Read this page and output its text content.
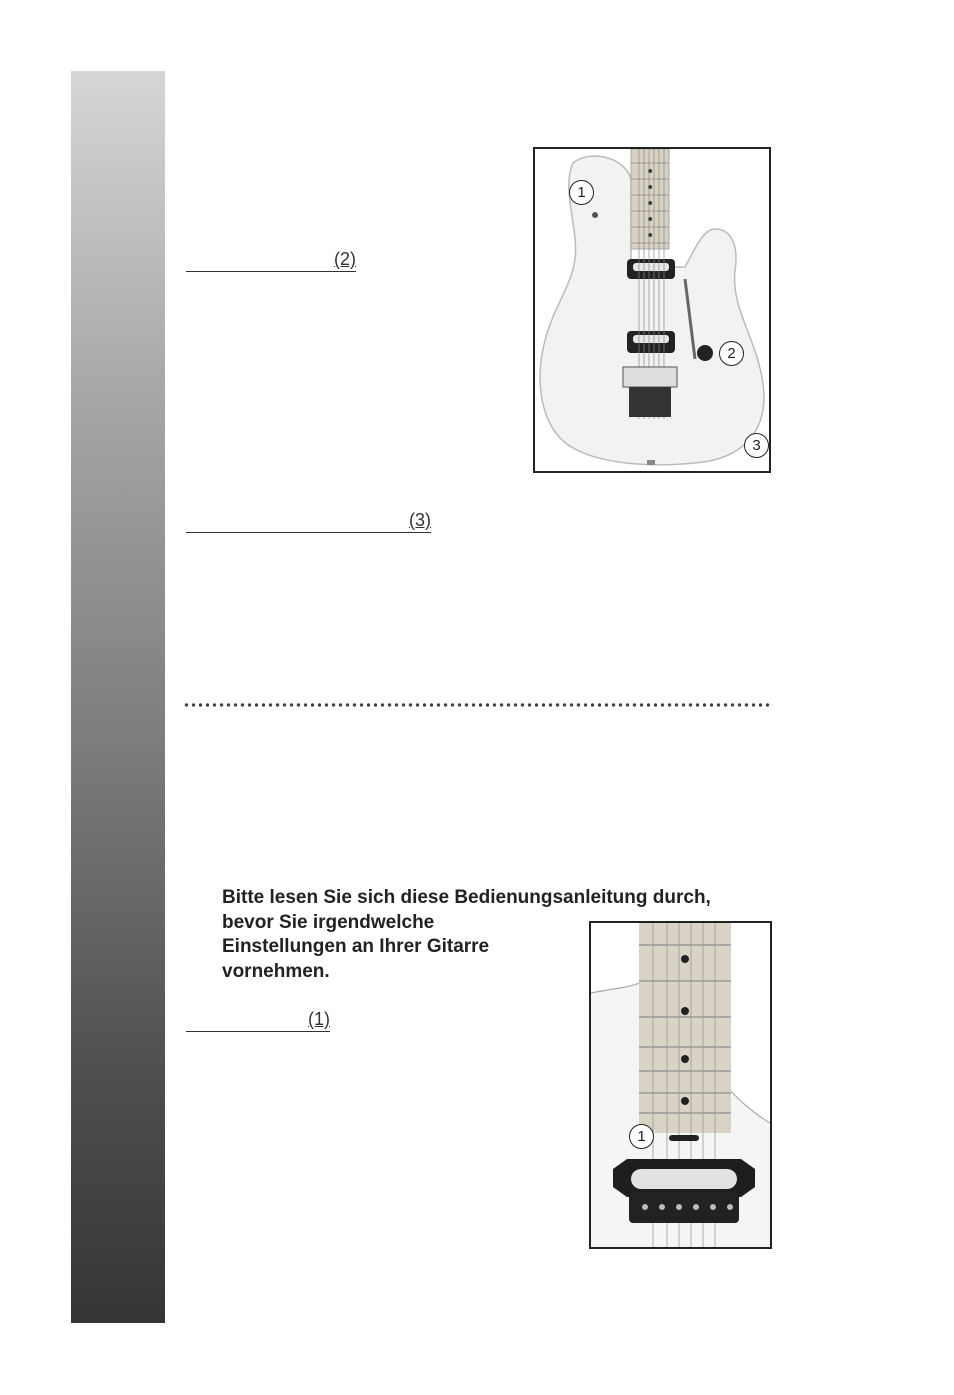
(2)
(3)
Bitte lesen Sie sich diese Bedienungsanleitung durch,
bevor Sie irgendwelche
Einstellungen an Ihrer Gitarre
vornehmen.
(1)
1
2
3
1
